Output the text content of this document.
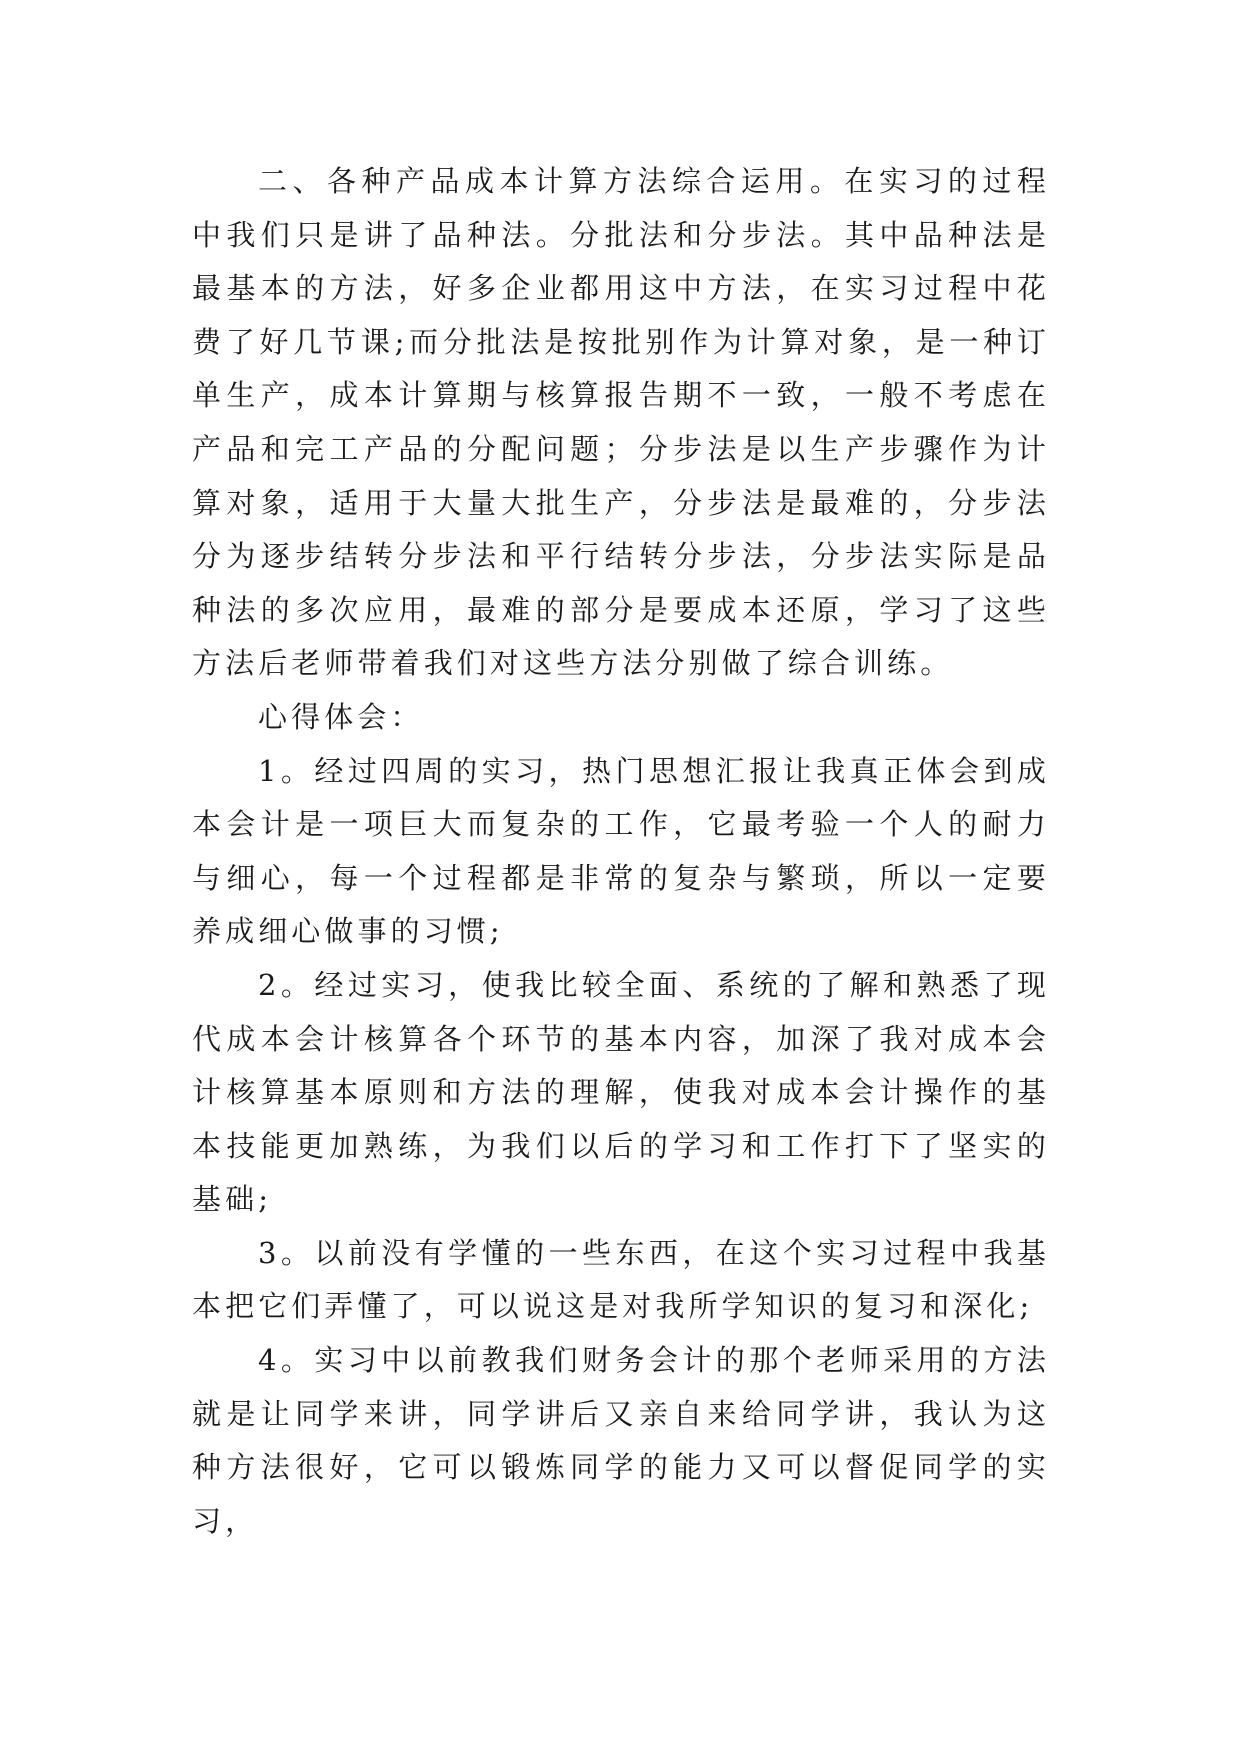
二、各种产品成本计算方法综合运用。在实习的过程中我们只是讲了品种法。分批法和分步法。其中品种法是最基本的方法，好多企业都用这中方法，在实习过程中花费了好几节课;而分批法是按批别作为计算对象，是一种订单生产，成本计算期与核算报告期不一致，一般不考虑在产品和完工产品的分配问题；分步法是以生产步骤作为计算对象，适用于大量大批生产，分步法是最难的，分步法分为逐步结转分步法和平行结转分步法，分步法实际是品种法的多次应用，最难的部分是要成本还原，学习了这些方法后老师带着我们对这些方法分别做了综合训练。

心得体会：

1。经过四周的实习，热门思想汇报让我真正体会到成本会计是一项巨大而复杂的工作，它最考验一个人的耐力与细心，每一个过程都是非常的复杂与繁琐，所以一定要养成细心做事的习惯;

2。经过实习，使我比较全面、系统的了解和熟悉了现代成本会计核算各个环节的基本内容，加深了我对成本会计核算基本原则和方法的理解，使我对成本会计操作的基本技能更加熟练，为我们以后的学习和工作打下了坚实的基础;

3。以前没有学懂的一些东西，在这个实习过程中我基本把它们弄懂了，可以说这是对我所学知识的复习和深化;

4。实习中以前教我们财务会计的那个老师采用的方法就是让同学来讲，同学讲后又亲自来给同学讲，我认为这种方法很好，它可以锻炼同学的能力又可以督促同学的实习，
